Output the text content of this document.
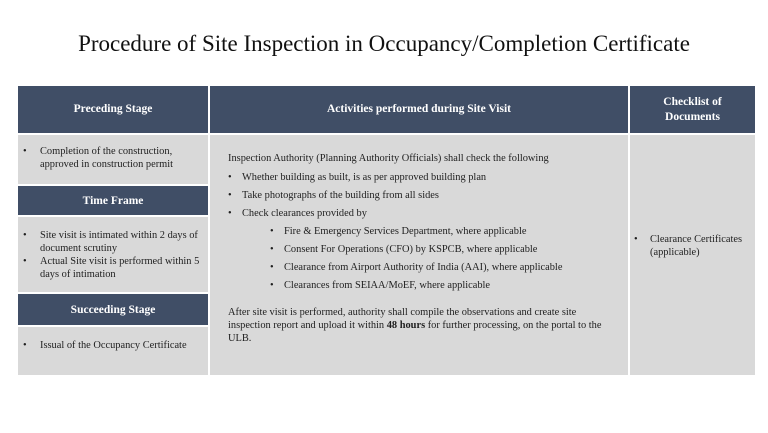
Procedure of Site Inspection in Occupancy/Completion Certificate
Preceding Stage	Activities performed during Site Visit
Checklist of Documents
• Completion of the construction, approved in construction permit
Time Frame
• Site visit is intimated within 2 days of document scrutiny
• Actual Site visit is performed within 5 days of intimation
Succeeding Stage
• Issual of the Occupancy Certificate

Inspection Authority (Planning Authority Officials) shall check the following

• Whether building as built, is as per approved building plan
• Take photographs of the building from all sides
• Check clearances provided by
• Fire & Emergency Services Department, where applicable
• Consent For Operations (CFO) by KSPCB, where applicable
• Clearance from Airport Authority of India (AAI), where applicable
• Clearances from SEIAA/MoEF, where applicable

After site visit is performed, authority shall compile the observations and create site inspection report and upload it within 48 hours for further processing, on the portal to the ULB.

• Clearance Certificates (applicable)
